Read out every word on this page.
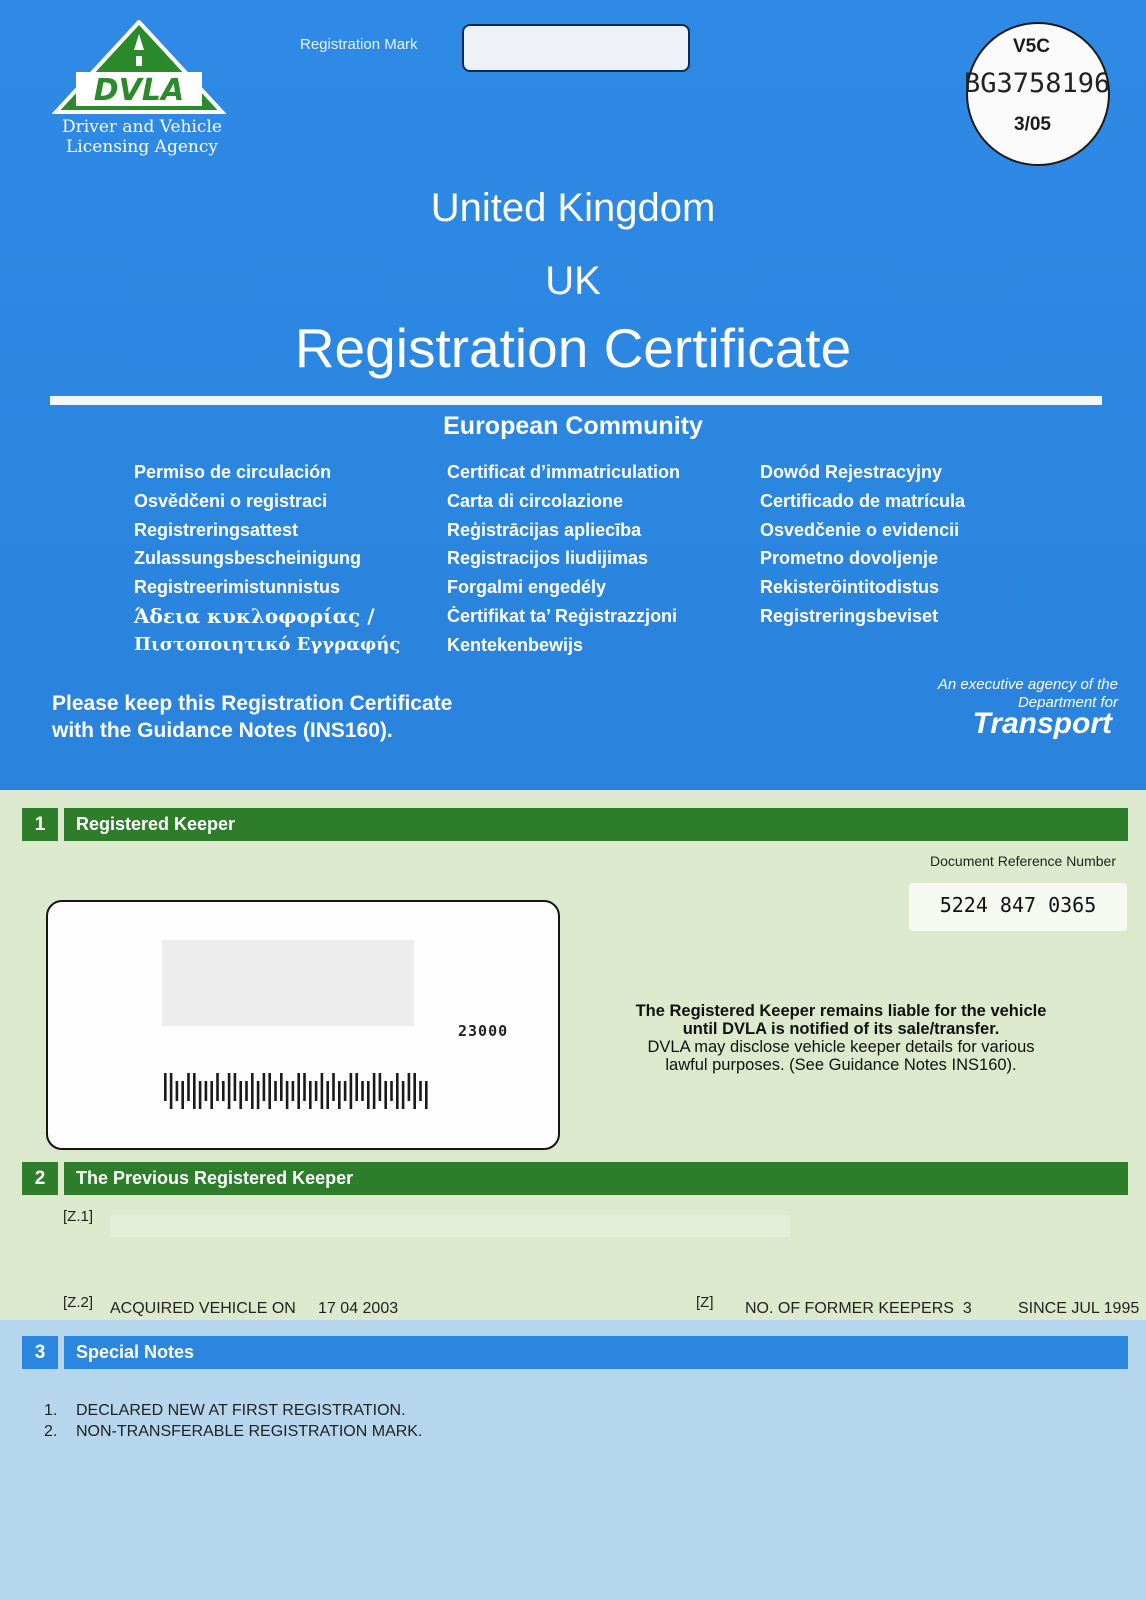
DVLA
Driver and Vehicle
Licensing Agency
Registration Mark	V5C
BG3758196
3/05
United Kingdom
UK
Registration Certificate
European Community
Permiso de circulación
Osvědčeni o registraci
Registreringsattest
Zulassungsbescheinigung
Registreerimistunnistus
Άδεια κυκλοφορίας /
Πιστοποιητικό Εγγραφής
Certificat d’immatriculation
Carta di circolazione
Reģistrācijas apliecība
Registracijos liudijimas
Forgalmi engedély
Ċertifikat ta’ Reġistrazzjoni
Kentekenbewijs
Dowód Rejestracyjny
Certificado de matrícula
Osvedčenie o evidencii
Prometno dovoljenje
Rekisteröintitodistus
Registreringsbeviset
Please keep this Registration Certificate
with the Guidance Notes (INS160).
An executive agency of the
Department for
Transport
1	Registered Keeper
Document Reference Number
5224 847 0365
23000
The Registered Keeper remains liable for the vehicle
until DVLA is notified of its sale/transfer.
DVLA may disclose vehicle keeper details for various
lawful purposes. (See Guidance Notes INS160).
2	The Previous Registered Keeper
[Z.1]
[Z.2] ACQUIRED VEHICLE ON 17 04 2003	[Z] NO. OF FORMER KEEPERS 3	SINCE JUL 1995
3	Special Notes
1. DECLARED NEW AT FIRST REGISTRATION.
2. NON-TRANSFERABLE REGISTRATION MARK.
